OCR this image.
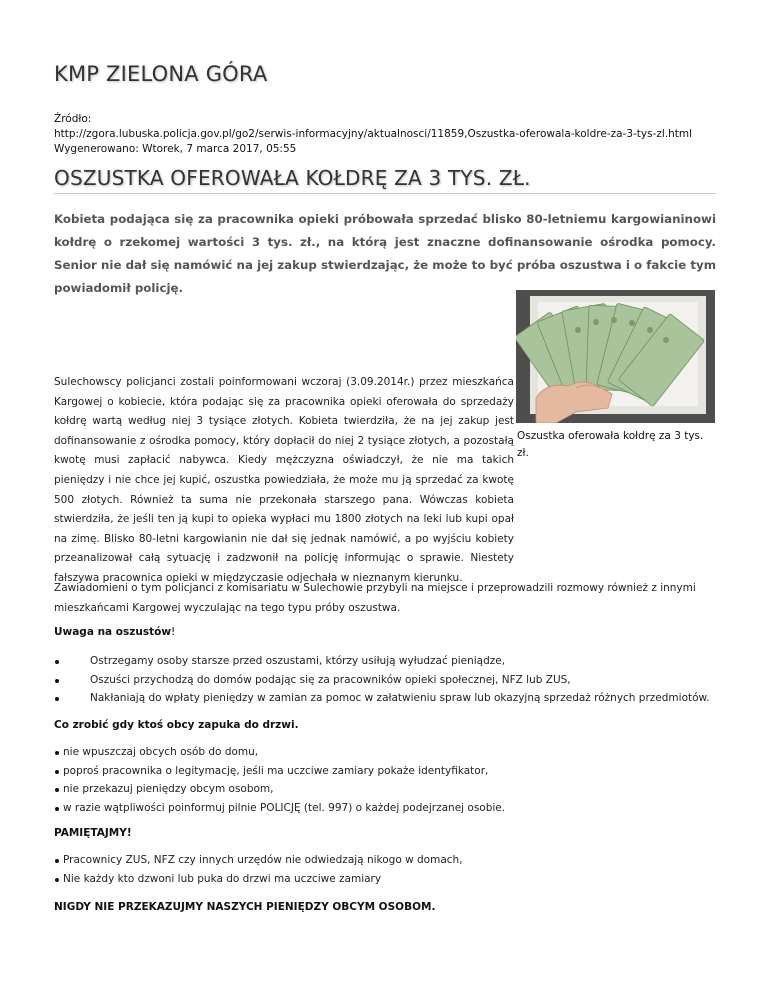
KMP ZIELONA GÓRA
Źródło:
http://zgora.lubuska.policja.gov.pl/go2/serwis-informacyjny/aktualnosci/11859,Oszustka-oferowala-koldre-za-3-tys-zl.html
Wygenerowano: Wtorek, 7 marca 2017, 05:55
OSZUSTKA OFEROWAŁA KOŁDRĘ ZA 3 TYS. ZŁ.

Kobieta podająca się za pracownika opieki próbowała sprzedać blisko 80-letniemu kargowianinowi kołdrę o rzekomej wartości 3 tys. zł., na którą jest znaczne dofinansowanie ośrodka pomocy. Senior nie dał się namówić na jej zakup stwierdzając, że może to być próba oszustwa i o fakcie tym powiadomił policję.

Oszustka oferowała kołdrę za 3 tys. zł.

Sulechowscy policjanci zostali poinformowani wczoraj (3.09.2014r.) przez mieszkańca Kargowej o kobiecie, która podając się za pracownika opieki oferowała do sprzedaży kołdrę wartą według niej 3 tysiące złotych. Kobieta twierdziła, że na jej zakup jest dofinansowanie z ośrodka pomocy, który dopłacił do niej 2 tysiące złotych, a pozostałą kwotę musi zapłacić nabywca. Kiedy mężczyzna oświadczył, że nie ma takich pieniędzy i nie chce jej kupić, oszustka powiedziała, że może mu ją sprzedać za kwotę 500 złotych. Również ta suma nie przekonała starszego pana. Wówczas kobieta stwierdziła, że jeśli ten ją kupi to opieka wypłaci mu 1800 złotych na leki lub kupi opał na zimę. Blisko 80-letni kargowianin nie dał się jednak namówić, a po wyjściu kobiety przeanalizował całą sytuację i zadzwonił na policję informując o sprawie. Niestety fałszywa pracownica opieki w międzyczasie odjechała w nieznanym kierunku.

Zawiadomieni o tym policjanci z komisariatu w Sulechowie przybyli na miejsce i przeprowadzili rozmowy również z innymi mieszkańcami Kargowej wyczulając na tego typu próby oszustwa.

Uwaga na oszustów!

Ostrzegamy osoby starsze przed oszustami, którzy usiłują wyłudzać pieniądze,
Oszuści przychodzą do domów podając się za pracowników opieki społecznej, NFZ lub ZUS,
Nakłaniają do wpłaty pieniędzy w zamian za pomoc w załatwieniu spraw lub okazyjną sprzedaż różnych przedmiotów.

Co zrobić gdy ktoś obcy zapuka do drzwi.

nie wpuszczaj obcych osób do domu,
poproś pracownika o legitymację, jeśli ma uczciwe zamiary pokaże identyfikator,
nie przekazuj pieniędzy obcym osobom,
w razie wątpliwości poinformuj pilnie POLICJĘ (tel. 997) o każdej podejrzanej osobie.

PAMIĘTAJMY!

Pracownicy ZUS, NFZ czy innych urzędów nie odwiedzają nikogo w domach,
Nie każdy kto dzwoni lub puka do drzwi ma uczciwe zamiary

NIGDY NIE PRZEKAZUJMY NASZYCH PIENIĘDZY OBCYM OSOBOM.
